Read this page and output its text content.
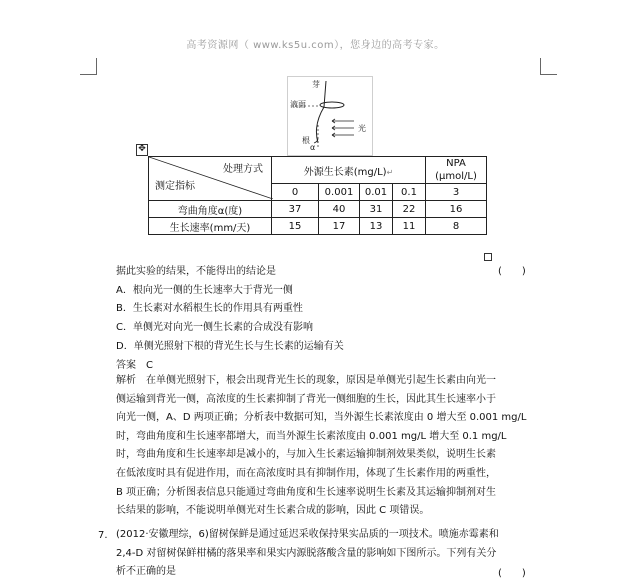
高考资源网（ www.ks5u.com），您身边的高考专家。
芽
液面
根
α
光
✥
处理方式
测定指标	外源生长素(mg/L)↵				NPA
(μmol/L)
	0	0.001	0.01	0.1	3
弯曲角度α(度)	37	40	31	22	16
生长速率(mm/天)	15	17	13	11	8
据此实验的结果，不能得出的结论是	(　　)
A．根向光一侧的生长速率大于背光一侧
B．生长素对水稻根生长的作用具有两重性
C．单侧光对向光一侧生长素的合成没有影响
D．单侧光照射下根的背光生长与生长素的运输有关
答案　C
解析　在单侧光照射下，根会出现背光生长的现象，原因是单侧光引起生长素由向光一
侧运输到背光一侧，高浓度的生长素抑制了背光一侧细胞的生长，因此其生长速率小于
向光一侧，A、D 两项正确；分析表中数据可知，当外源生长素浓度由 0 增大至 0.001 mg/L
时，弯曲角度和生长速率都增大，而当外源生长素浓度由 0.001 mg/L 增大至 0.1 mg/L
时，弯曲角度和生长速率却是减小的，与加入生长素运输抑制剂效果类似，说明生长素
在低浓度时具有促进作用，而在高浓度时具有抑制作用，体现了生长素作用的两重性，
B 项正确；分析图表信息只能通过弯曲角度和生长速率说明生长素及其运输抑制剂对生
长结果的影响，不能说明单侧光对生长素合成的影响，因此 C 项错误。
7. (2012·安徽理综，6)留树保鲜是通过延迟采收保持果实品质的一项技术。喷施赤霉素和
2,4-D 对留树保鲜柑橘的落果率和果实内源脱落酸含量的影响如下图所示。下列有关分
析不正确的是	(　　)
